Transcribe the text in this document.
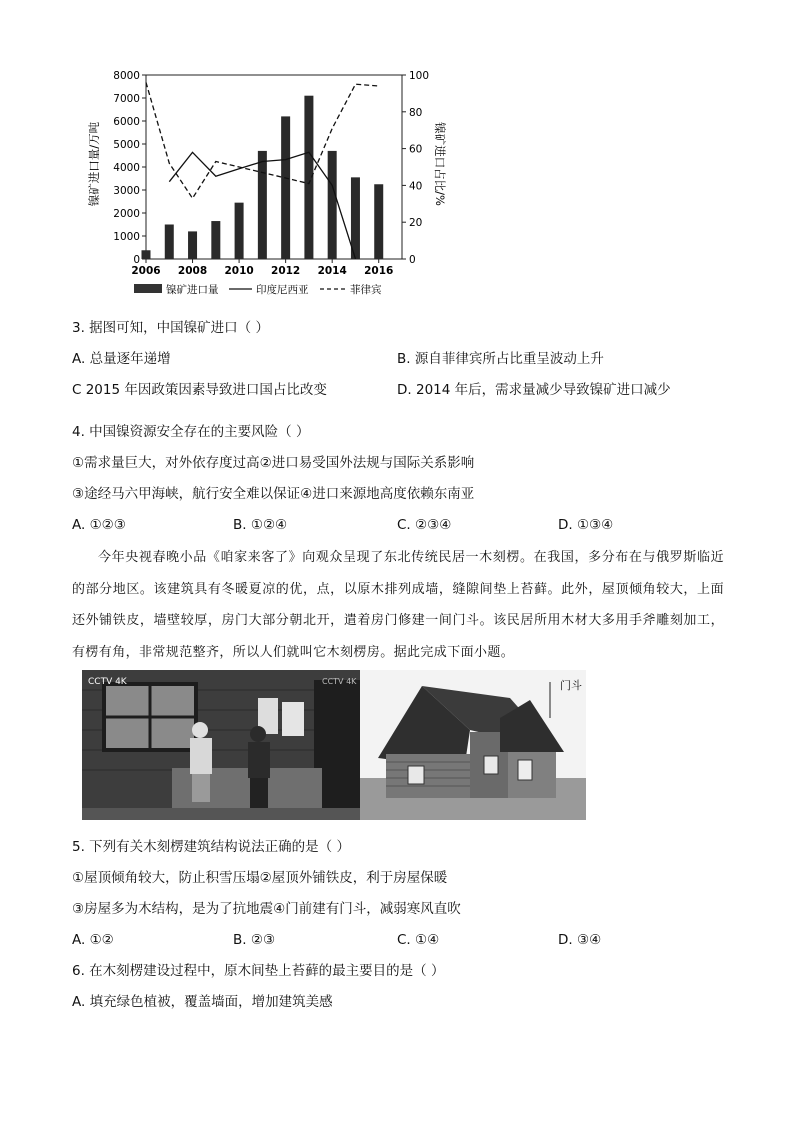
0
1000
2000
3000
4000
5000
6000
7000
8000
0
20
40
60
80
100
2006 2008 2010 2012 2014 2016
镍矿进口量/万吨	镍矿进口占比/%
镍矿进口量	印度尼西亚	菲律宾
3. 据图可知，中国镍矿进口（ ）
A. 总量逐年递增	B. 源自菲律宾所占比重呈波动上升
C 2015 年因政策因素导致进口国占比改变	D. 2014 年后，需求量减少导致镍矿进口减少
4. 中国镍资源安全存在的主要风险（ ）
①需求量巨大，对外依存度过高②进口易受国外法规与国际关系影响
③途经马六甲海峡，航行安全难以保证④进口来源地高度依赖东南亚
A. ①②③	B. ①②④	C. ②③④	D. ①③④
今年央视春晚小品《咱家来客了》向观众呈现了东北传统民居一木刻楞。在我国，多分布在与俄罗斯临近的部分地区。该建筑具有冬暖夏凉的优，点，以原木排列成墙，缝隙间垫上苔藓。此外，屋顶倾角较大，上面还外铺铁皮，墙壁较厚，房门大部分朝北开，遣着房门修建一间门斗。该民居所用木材大多用手斧雕刻加工，有楞有角，非常规范整齐，所以人们就叫它木刻楞房。据此完成下面小题。
CCTV 4K	CCTV 4K	门斗
5. 下列有关木刻楞建筑结构说法正确的是（ ）
①屋顶倾角较大，防止积雪压塌②屋顶外铺铁皮，利于房屋保暖
③房屋多为木结构，是为了抗地震④门前建有门斗，减弱寒风直吹
A. ①②	B. ②③	C. ①④	D. ③④
6. 在木刻楞建设过程中，原木间垫上苔藓的最主要目的是（ ）
A. 填充绿色植被，覆盖墙面，增加建筑美感
